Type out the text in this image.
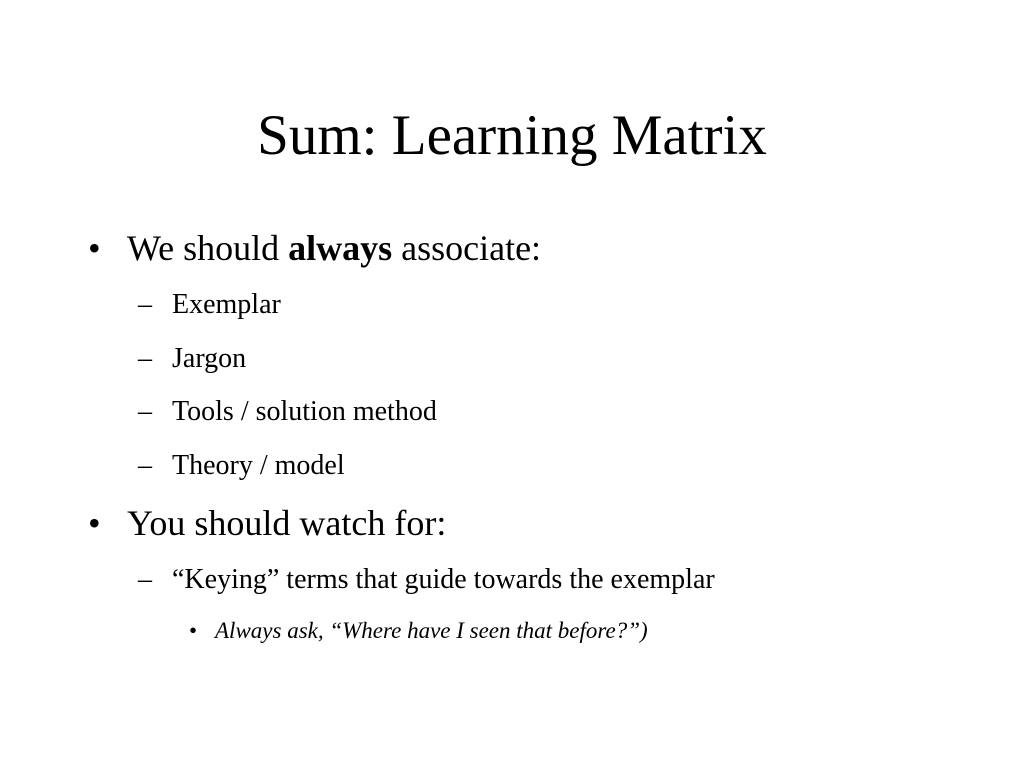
Sum: Learning Matrix
• We should always associate:
– Exemplar
– Jargon
– Tools / solution method
– Theory / model
• You should watch for:
– “Keying” terms that guide towards the exemplar
• Always ask, “Where have I seen that before?”)
